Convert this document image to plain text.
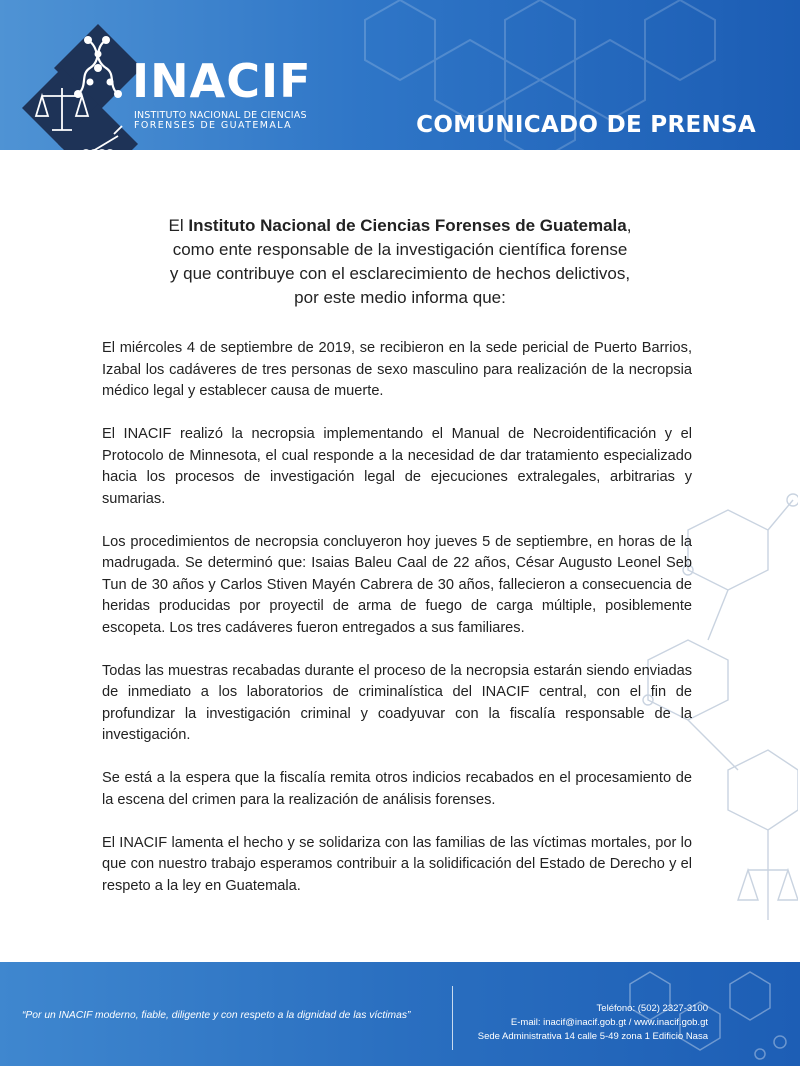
INACIF
INSTITUTO NACIONAL DE CIENCIAS
FORENSES DE GUATEMALA	COMUNICADO DE PRENSA

El Instituto Nacional de Ciencias Forenses de Guatemala,

como ente responsable de la investigación científica forense

y que contribuye con el esclarecimiento de hechos delictivos,

por este medio informa que:

El miércoles 4 de septiembre de 2019, se recibieron en la sede pericial de Puerto Barrios, Izabal los cadáveres de tres personas de sexo masculino para realización de la necropsia médico legal y establecer causa de muerte.

El INACIF realizó la necropsia implementando el Manual de Necroidentificación y el Protocolo de Minnesota, el cual responde a la necesidad de dar tratamiento especializado hacia los procesos de investigación legal de ejecuciones extralegales, arbitrarias y sumarias.

Los procedimientos de necropsia concluyeron hoy jueves 5 de septiembre, en horas de la madrugada. Se determinó que: Isaias Baleu Caal de 22 años, César Augusto Leonel Seb Tun de 30 años y Carlos Stiven Mayén Cabrera de 30 años, fallecieron a consecuencia de heridas producidas por proyectil de arma de fuego de carga múltiple, posiblemente escopeta. Los tres cadáveres fueron entregados a sus familiares.

Todas las muestras recabadas durante el proceso de la necropsia estarán siendo enviadas de inmediato a los laboratorios de criminalística del INACIF central, con el fin de profundizar la investigación criminal y coadyuvar con la fiscalía responsable de la investigación.

Se está a la espera que la fiscalía remita otros indicios recabados en el procesamiento de la escena del crimen para la realización de análisis forenses.

El INACIF lamenta el hecho y se solidariza con las familias de las víctimas mortales, por lo que con nuestro trabajo esperamos contribuir a la solidificación del Estado de Derecho y el respeto a la ley en Guatemala.

“Por un INACIF moderno, fiable, diligente y con respeto a la dignidad de las víctimas”
Teléfono: (502) 2327-3100
E-mail: inacif@inacif.gob.gt / www.inacif.gob.gt
Sede Administrativa 14 calle 5-49 zona 1 Edificio Nasa
